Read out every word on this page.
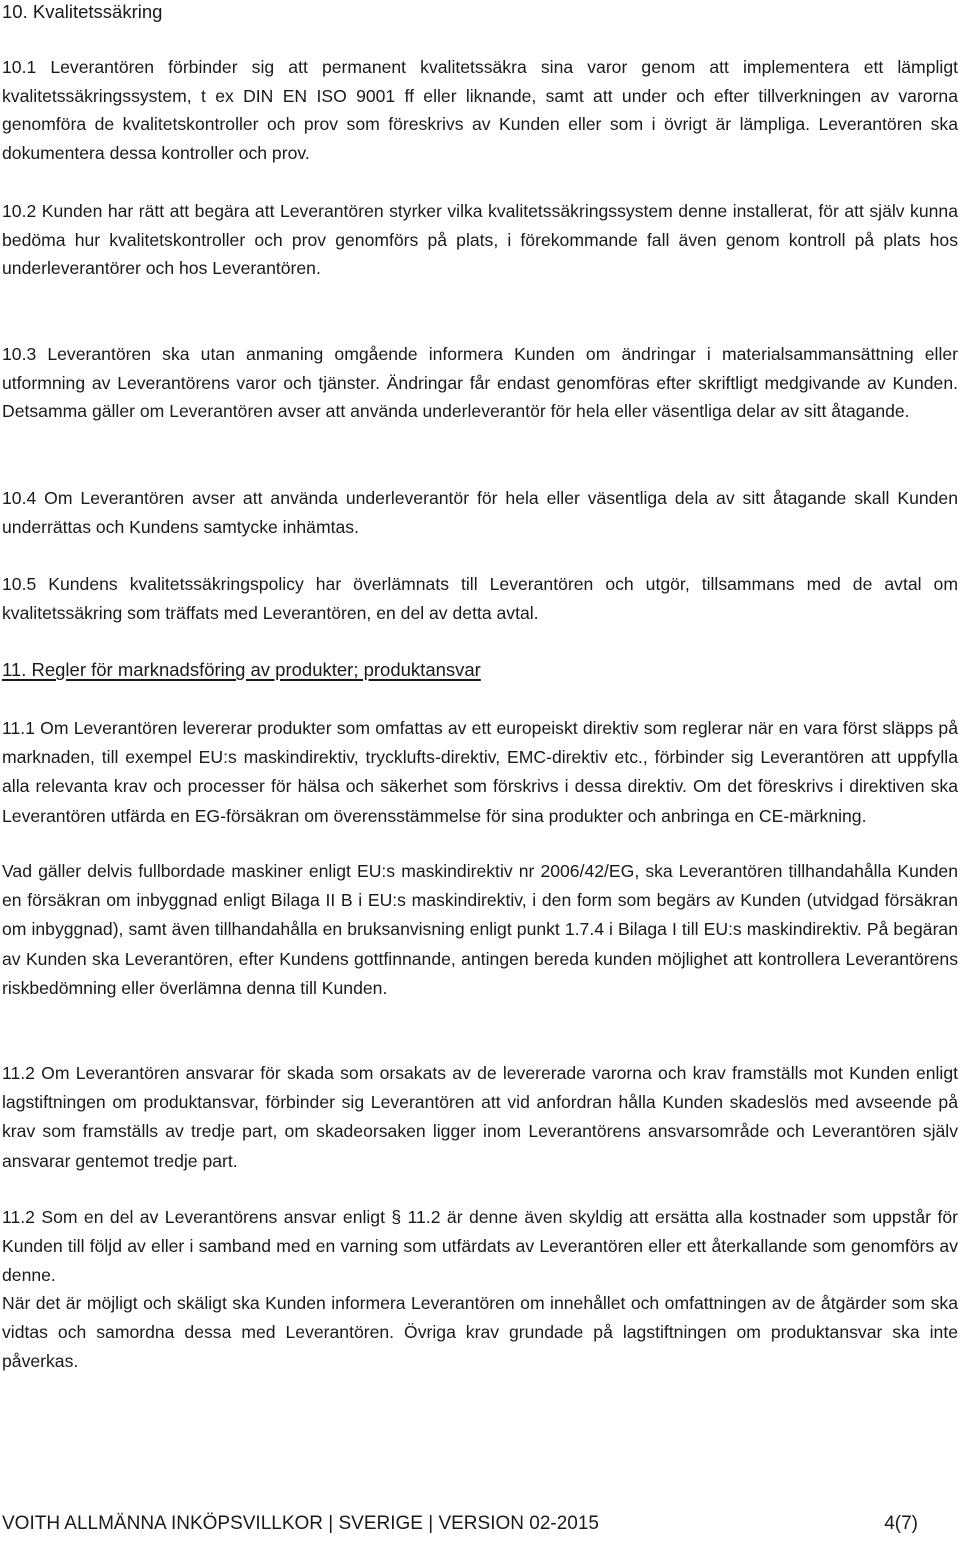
10. Kvalitetssäkring

10.1 Leverantören förbinder sig att permanent kvalitetssäkra sina varor genom att implementera ett lämpligt kvalitetssäkringssystem, t ex DIN EN ISO 9001 ff eller liknande, samt att under och efter tillverkningen av varorna genomföra de kvalitetskontroller och prov som föreskrivs av Kunden eller som i övrigt är lämpliga. Leverantören ska dokumentera dessa kontroller och prov.

10.2 Kunden har rätt att begära att Leverantören styrker vilka kvalitetssäkringssystem denne installerat, för att själv kunna bedöma hur kvalitetskontroller och prov genomförs på plats, i förekommande fall även genom kontroll på plats hos underleverantörer och hos Leverantören.

10.3 Leverantören ska utan anmaning omgående informera Kunden om ändringar i materialsammansättning eller utformning av Leverantörens varor och tjänster. Ändringar får endast genomföras efter skriftligt medgivande av Kunden. Detsamma gäller om Leverantören avser att använda underleverantör för hela eller väsentliga delar av sitt åtagande.

10.4 Om Leverantören avser att använda underleverantör för hela eller väsentliga dela av sitt åtagande skall Kunden underrättas och Kundens samtycke inhämtas.

10.5 Kundens kvalitetssäkringspolicy har överlämnats till Leverantören och utgör, tillsammans med de avtal om kvalitetssäkring som träffats med Leverantören, en del av detta avtal.

11. Regler för marknadsföring av produkter; produktansvar

11.1 Om Leverantören levererar produkter som omfattas av ett europeiskt direktiv som reglerar när en vara först släpps på marknaden, till exempel EU:s maskindirektiv, trycklufts-direktiv, EMC-direktiv etc., förbinder sig Leverantören att uppfylla alla relevanta krav och processer för hälsa och säkerhet som förskrivs i dessa direktiv. Om det föreskrivs i direktiven ska Leverantören utfärda en EG-försäkran om överensstämmelse för sina produkter och anbringa en CE-märkning.

Vad gäller delvis fullbordade maskiner enligt EU:s maskindirektiv nr 2006/42/EG, ska Leverantören tillhandahålla Kunden en försäkran om inbyggnad enligt Bilaga II B i EU:s maskindirektiv, i den form som begärs av Kunden (utvidgad försäkran om inbyggnad), samt även tillhandahålla en bruksanvisning enligt punkt 1.7.4 i Bilaga I till EU:s maskindirektiv. På begäran av Kunden ska Leverantören, efter Kundens gottfinnande, antingen bereda kunden möjlighet att kontrollera Leverantörens riskbedömning eller överlämna denna till Kunden.

11.2 Om Leverantören ansvarar för skada som orsakats av de levererade varorna och krav framställs mot Kunden enligt lagstiftningen om produktansvar, förbinder sig Leverantören att vid anfordran hålla Kunden skadeslös med avseende på krav som framställs av tredje part, om skadeorsaken ligger inom Leverantörens ansvarsområde och Leverantören själv ansvarar gentemot tredje part.

11.2 Som en del av Leverantörens ansvar enligt § 11.2 är denne även skyldig att ersätta alla kostnader som uppstår för Kunden till följd av eller i samband med en varning som utfärdats av Leverantören eller ett återkallande som genomförs av denne.

När det är möjligt och skäligt ska Kunden informera Leverantören om innehållet och omfattningen av de åtgärder som ska vidtas och samordna dessa med Leverantören. Övriga krav grundade på lagstiftningen om produktansvar ska inte påverkas.

VOITH ALLMÄNNA INKÖPSVILLKOR | SVERIGE | VERSION 02-2015	4(7)
